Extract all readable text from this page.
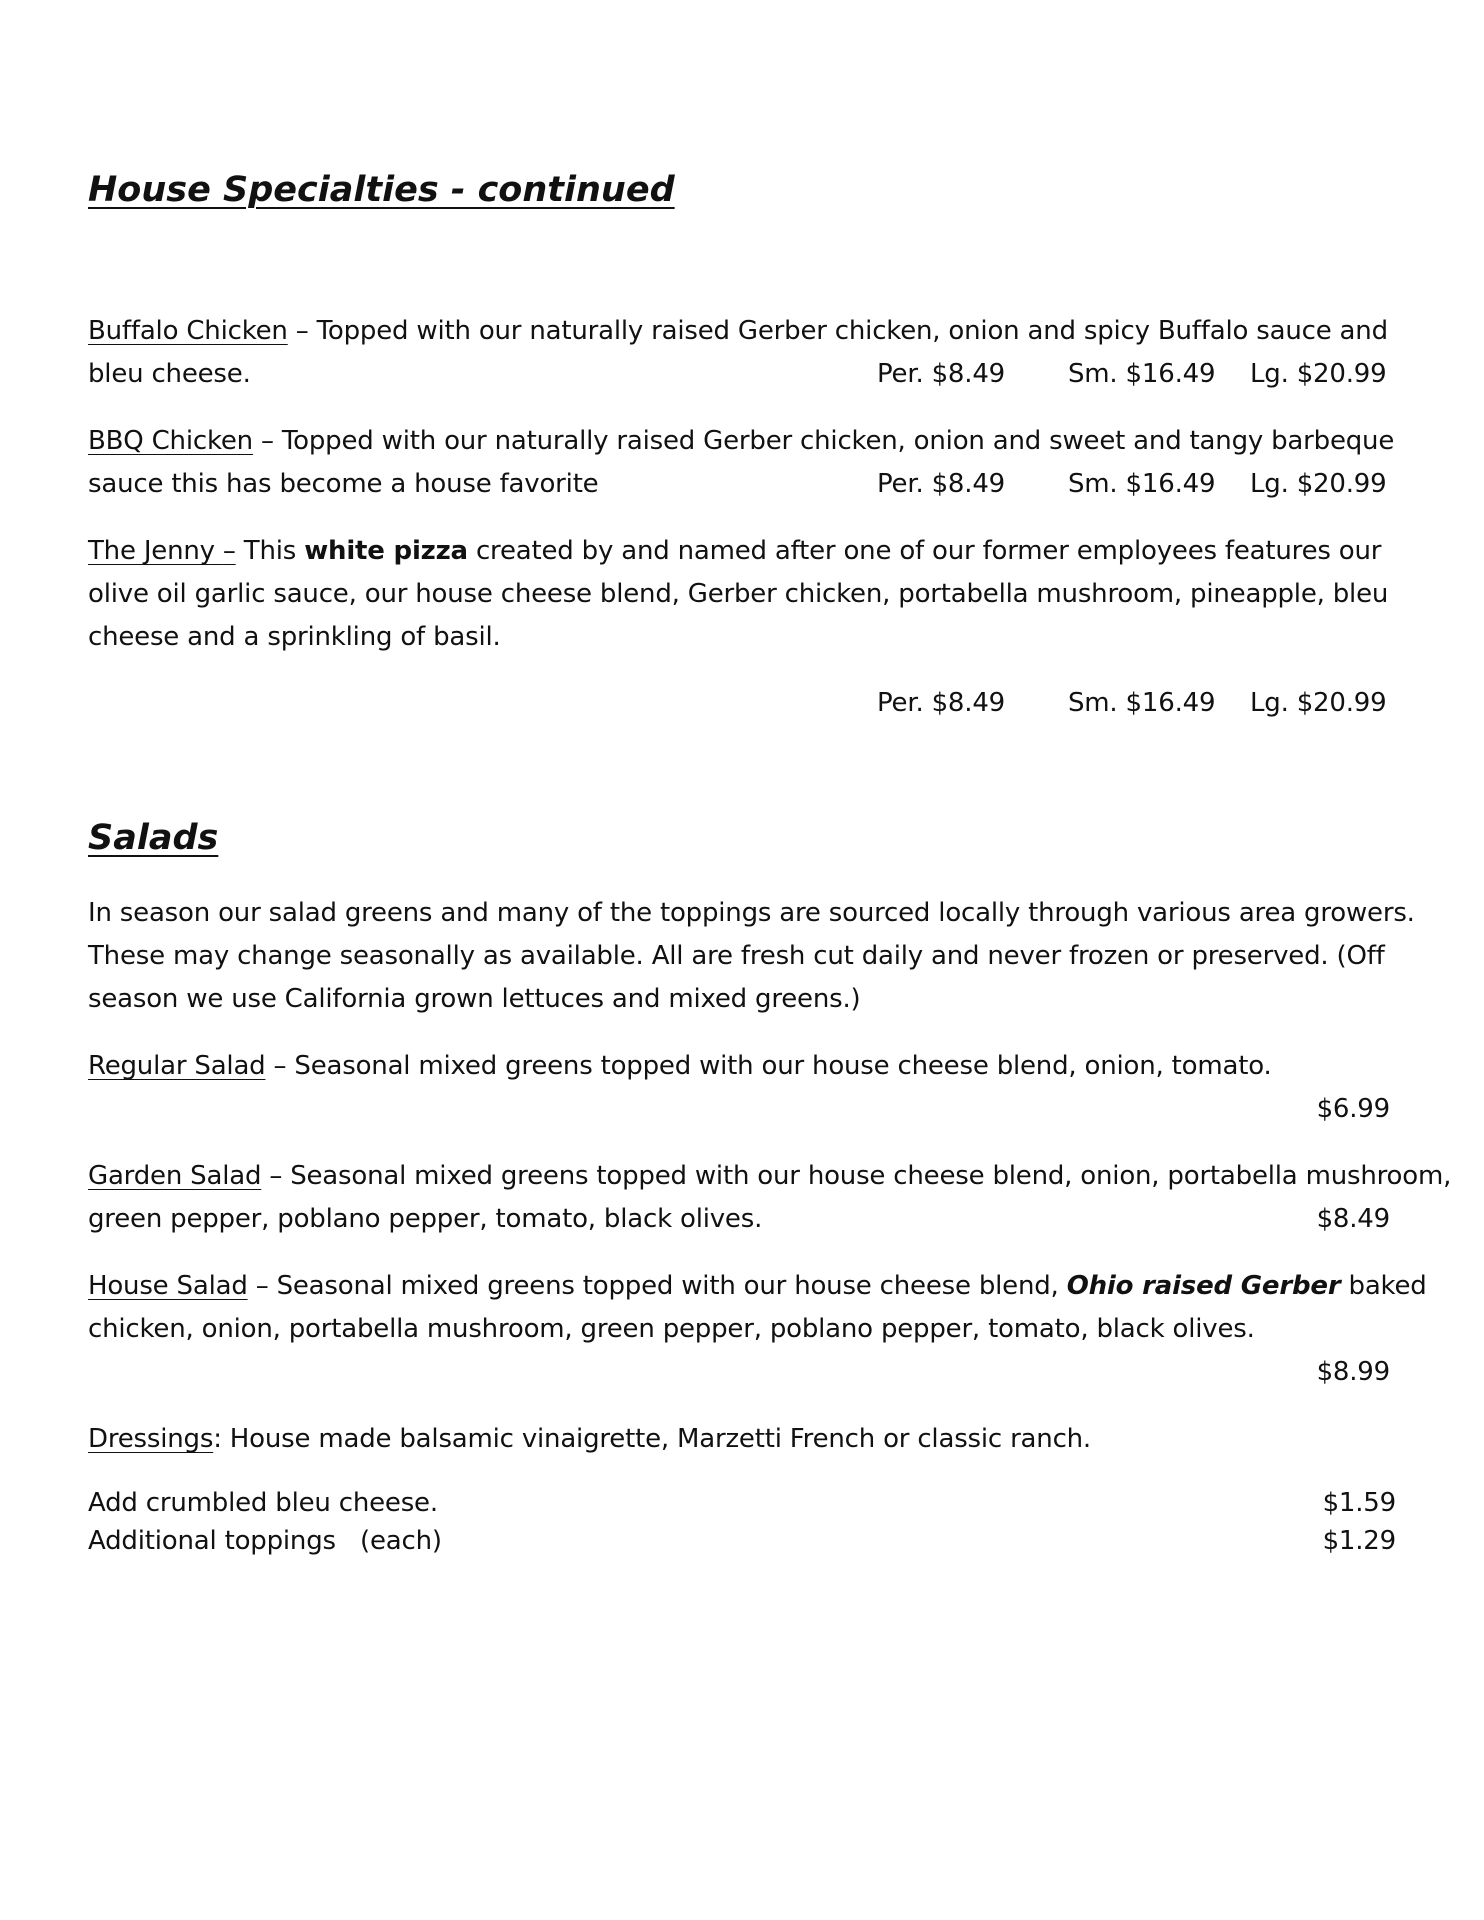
House Specialties - continued
Buffalo Chicken – Topped with our naturally raised Gerber chicken, onion and spicy Buffalo sauce and
bleu cheese.	Per. $8.49 Sm. $16.49 Lg. $20.99
BBQ Chicken – Topped with our naturally raised Gerber chicken, onion and sweet and tangy barbeque
sauce this has become a house favorite	Per. $8.49 Sm. $16.49 Lg. $20.99
The Jenny – This white pizza created by and named after one of our former employees features our
olive oil garlic sauce, our house cheese blend, Gerber chicken, portabella mushroom, pineapple, bleu
cheese and a sprinkling of basil.
Per. $8.49 Sm. $16.49 Lg. $20.99
Salads
In season our salad greens and many of the toppings are sourced locally through various area growers.
These may change seasonally as available. All are fresh cut daily and never frozen or preserved. (Off
season we use California grown lettuces and mixed greens.)
Regular Salad – Seasonal mixed greens topped with our house cheese blend, onion, tomato.
$6.99
Garden Salad – Seasonal mixed greens topped with our house cheese blend, onion, portabella mushroom,
green pepper, poblano pepper, tomato, black olives.	$8.49
House Salad – Seasonal mixed greens topped with our house cheese blend, Ohio raised Gerber baked
chicken, onion, portabella mushroom, green pepper, poblano pepper, tomato, black olives.
$8.99
Dressings: House made balsamic vinaigrette, Marzetti French or classic ranch.
Add crumbled bleu cheese.	$1.59
Additional toppings   (each)	$1.29
